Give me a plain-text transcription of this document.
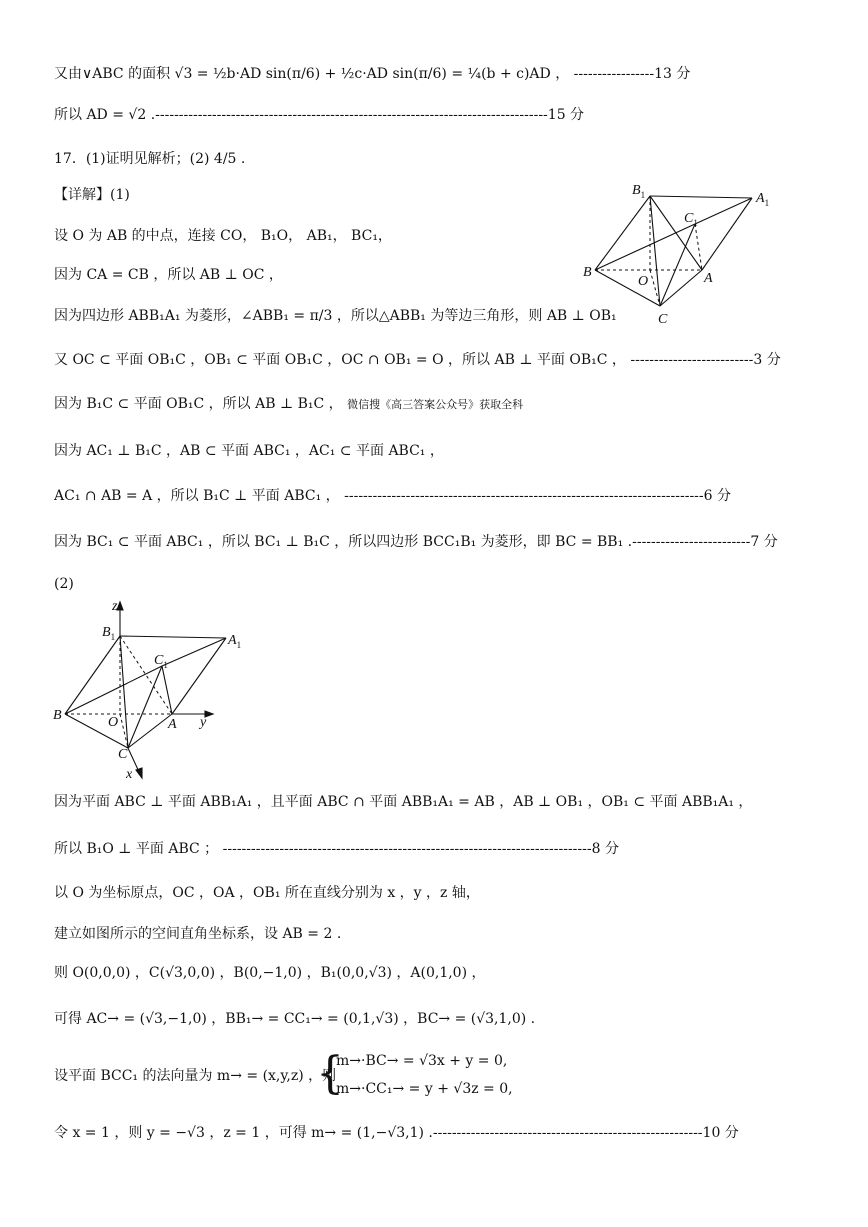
又由∨ABC 的面积 √3 = ½b·AD sin(π/6) + ½c·AD sin(π/6) = ¼(b + c)AD ， -----------------13 分
所以 AD = √2 .-----------------------------------------------------------------------------------15 分
17．(1)证明见解析；(2) 4/5 .
【详解】(1)
设 O 为 AB 的中点，连接 CO， B₁O， AB₁， BC₁，
因为 CA = CB ，所以 AB ⊥ OC ，
因为四边形 ABB₁A₁ 为菱形，∠ABB₁ = π/3 ，所以△ABB₁ 为等边三角形，则 AB ⊥ OB₁
又 OC ⊂ 平面 OB₁C ，OB₁ ⊂ 平面 OB₁C ，OC ∩ OB₁ = O ，所以 AB ⊥ 平面 OB₁C ， --------------------------3 分
因为 B₁C ⊂ 平面 OB₁C ，所以 AB ⊥ B₁C ， 微信搜《高三答案公众号》获取全科
因为 AC₁ ⊥ B₁C ，AB ⊂ 平面 ABC₁ ，AC₁ ⊂ 平面 ABC₁ ，
AC₁ ∩ AB = A ，所以 B₁C ⊥ 平面 ABC₁ ， ----------------------------------------------------------------------------6 分
因为 BC₁ ⊂ 平面 ABC₁ ，所以 BC₁ ⊥ B₁C ，所以四边形 BCC₁B₁ 为菱形，即 BC = BB₁ .-------------------------7 分
(2)
$B_1$	$A_1$
$C_1$
B
O	A
C
z
$B_1$	$A_1$
$C_1$
B	O	A y
C
x
因为平面 ABC ⊥ 平面 ABB₁A₁ ，且平面 ABC ∩ 平面 ABB₁A₁ = AB ，AB ⊥ OB₁ ，OB₁ ⊂ 平面 ABB₁A₁ ，
所以 B₁O ⊥ 平面 ABC ； ------------------------------------------------------------------------------8 分
以 O 为坐标原点，OC ，OA ，OB₁ 所在直线分别为 x ，y ，z 轴，
建立如图所示的空间直角坐标系，设 AB = 2 .
则 O(0,0,0) ，C(√3,0,0) ，B(0,−1,0) ，B₁(0,0,√3) ，A(0,1,0) ，
可得 AC→ = (√3,−1,0) ，BB₁→ = CC₁→ = (0,1,√3) ，BC→ = (√3,1,0) .
设平面 BCC₁ 的法向量为 m→ = (x,y,z) ，则
{
m→·BC→ = √3x + y = 0,
m→·CC₁→ = y + √3z = 0,
令 x = 1 ，则 y = −√3 ，z = 1 ，可得 m→ = (1,−√3,1) .---------------------------------------------------------10 分
